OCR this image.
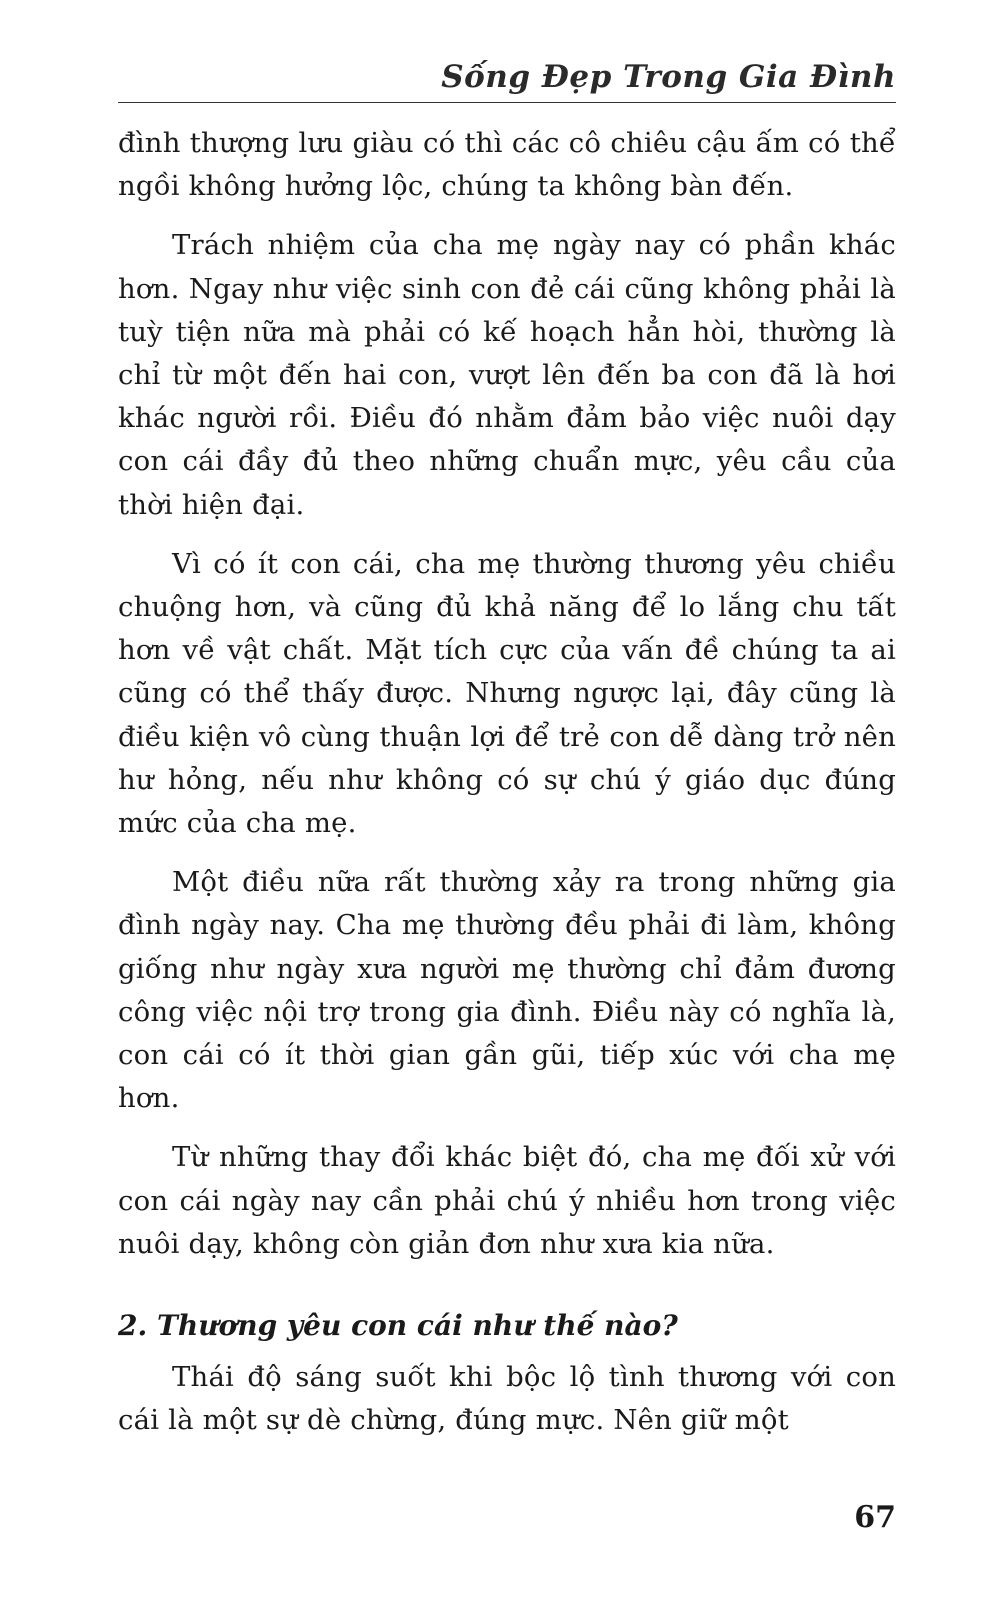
Sống Đẹp Trong Gia Đình

đình thượng lưu giàu có thì các cô chiêu cậu ấm có thể ngồi không hưởng lộc, chúng ta không bàn đến.

Trách nhiệm của cha mẹ ngày nay có phần khác hơn. Ngay như việc sinh con đẻ cái cũng không phải là tuỳ tiện nữa mà phải có kế hoạch hẳn hòi, thường là chỉ từ một đến hai con, vượt lên đến ba con đã là hơi khác người rồi. Điều đó nhằm đảm bảo việc nuôi dạy con cái đầy đủ theo những chuẩn mực, yêu cầu của thời hiện đại.

Vì có ít con cái, cha mẹ thường thương yêu chiều chuộng hơn, và cũng đủ khả năng để lo lắng chu tất hơn về vật chất. Mặt tích cực của vấn đề chúng ta ai cũng có thể thấy được. Nhưng ngược lại, đây cũng là điều kiện vô cùng thuận lợi để trẻ con dễ dàng trở nên hư hỏng, nếu như không có sự chú ý giáo dục đúng mức của cha mẹ.

Một điều nữa rất thường xảy ra trong những gia đình ngày nay. Cha mẹ thường đều phải đi làm, không giống như ngày xưa người mẹ thường chỉ đảm đương công việc nội trợ trong gia đình. Điều này có nghĩa là, con cái có ít thời gian gần gũi, tiếp xúc với cha mẹ hơn.

Từ những thay đổi khác biệt đó, cha mẹ đối xử với con cái ngày nay cần phải chú ý nhiều hơn trong việc nuôi dạy, không còn giản đơn như xưa kia nữa.

2. Thương yêu con cái như thế nào?

Thái độ sáng suốt khi bộc lộ tình thương với con cái là một sự dè chừng, đúng mực. Nên giữ một

67
